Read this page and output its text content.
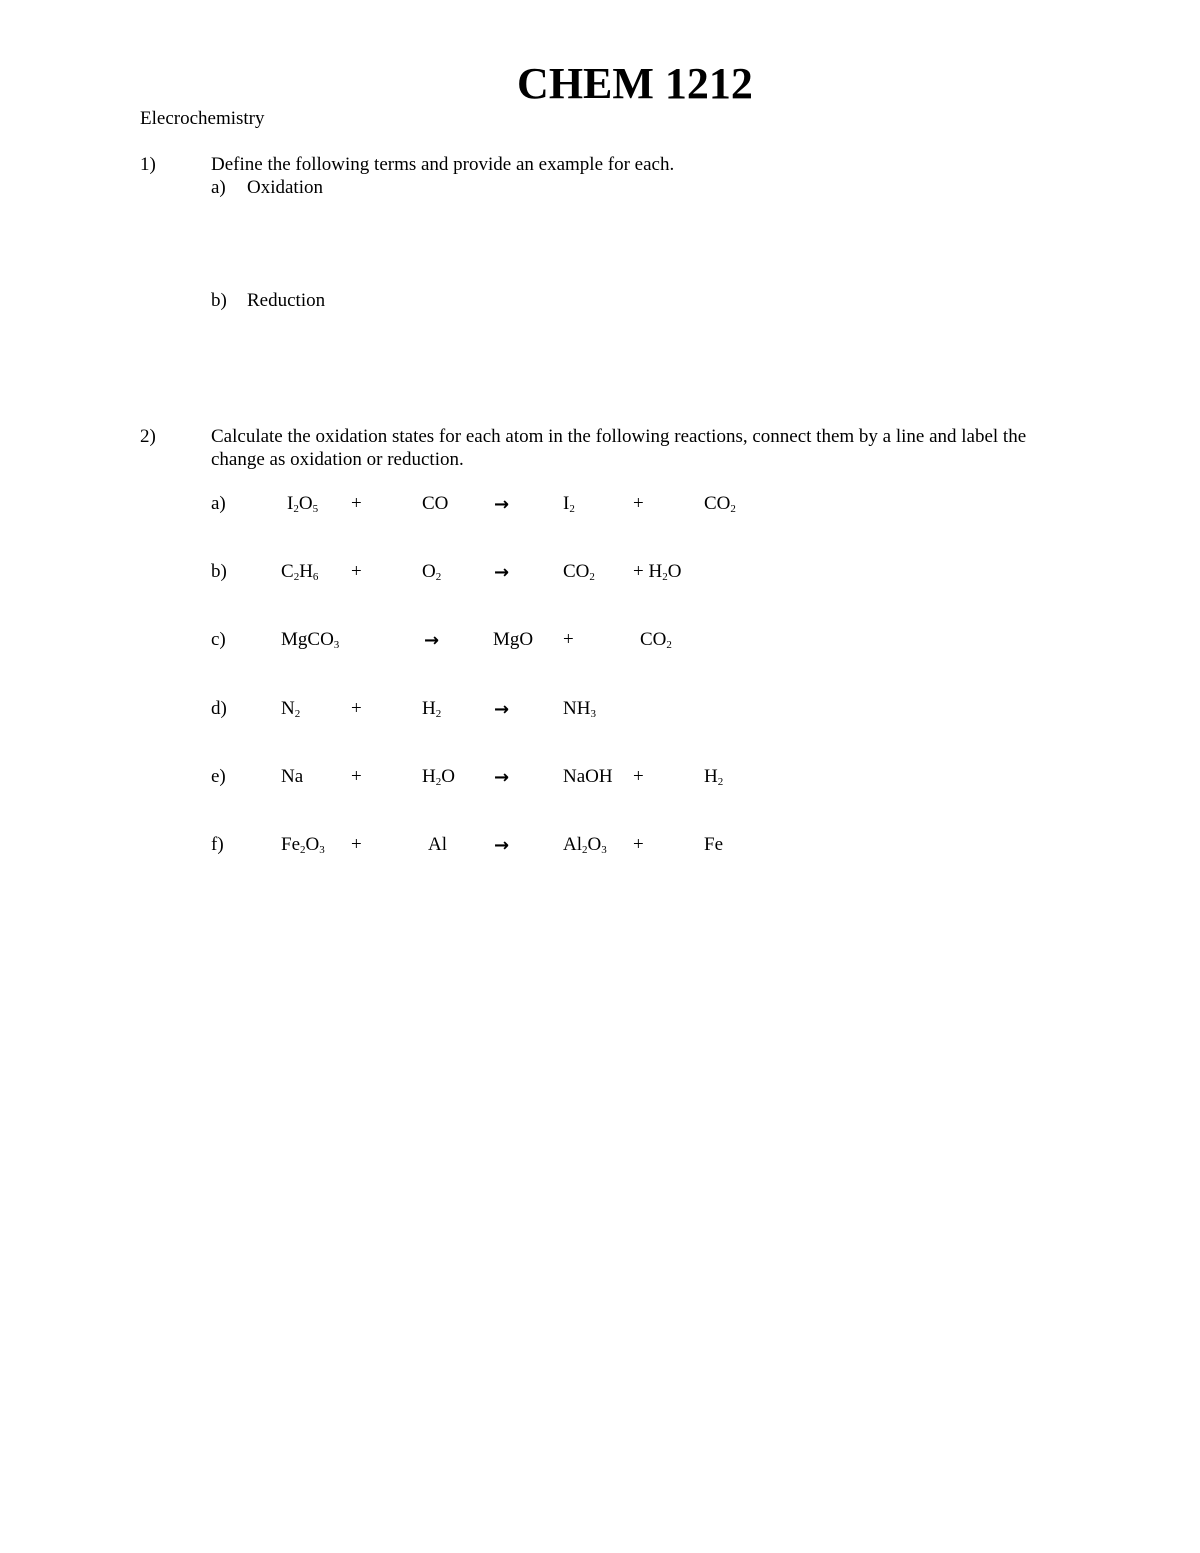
CHEM 1212
Elecrochemistry
1)	Define the following terms and provide an example for each.
a) Oxidation
b) Reduction
2)	Calculate the oxidation states for each atom in the following reactions, connect them by a line and label the
change as oxidation or reduction.
a)	$I_2O_5$ +	CO	→	$I_2$	+	$CO_2$
b)	$C_2H_6$ +	$O_2$	→	$CO_2 + H_2O$
c)	MgCO$_3$	→	MgO +	$CO_2$
d)	$N_2$	+	$H_2$	→	$NH_3$
e)	Na	+	$H_2O$ →	NaOH +	$H_2$
f)	$Fe_2O_3$ +	Al	→	$Al_2O_3$ +	Fe
